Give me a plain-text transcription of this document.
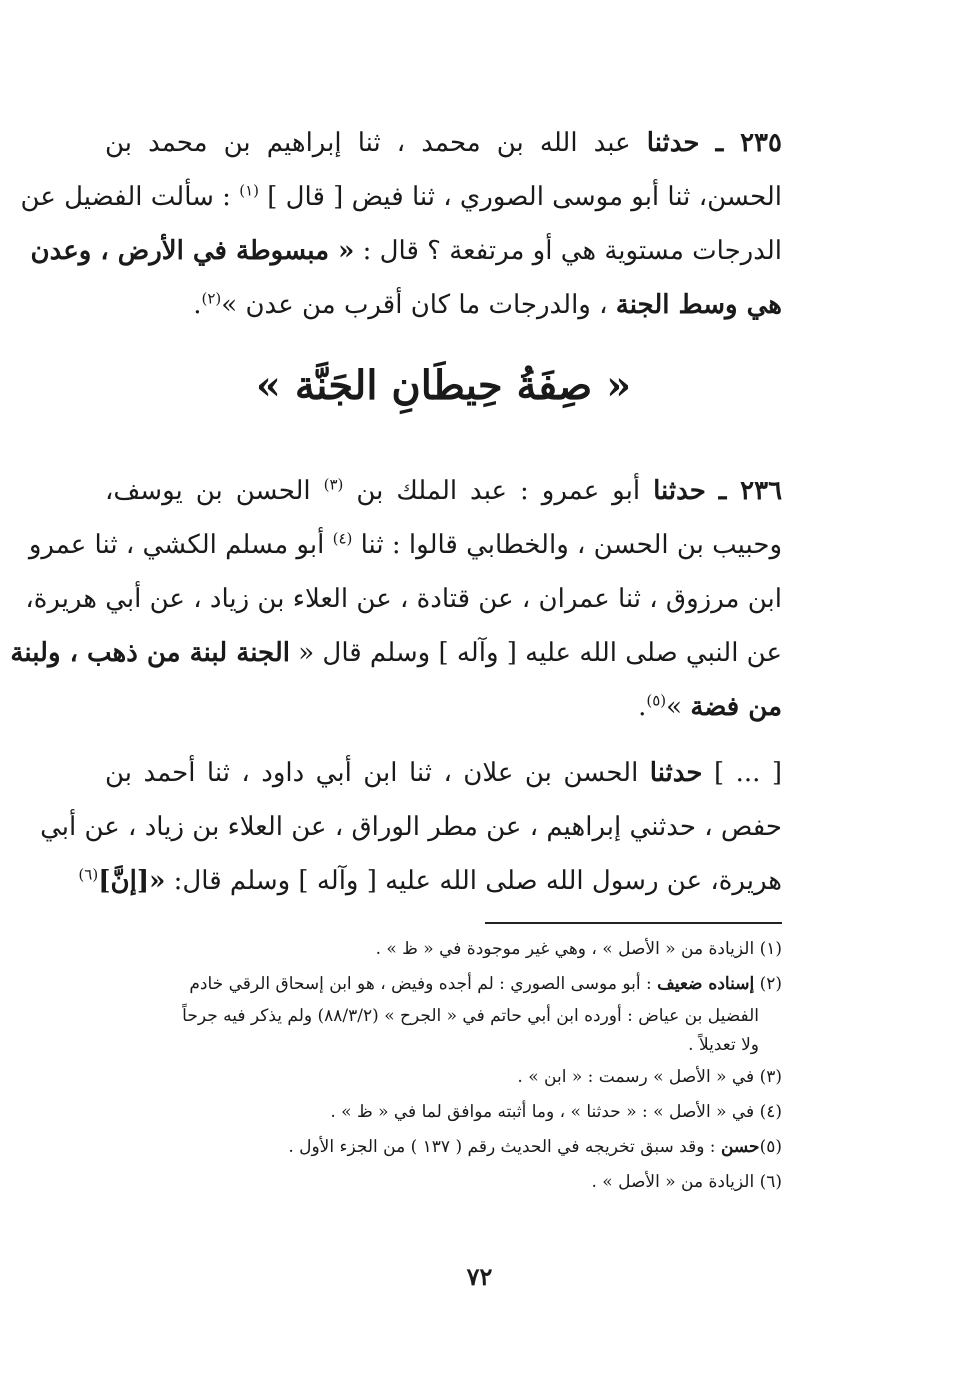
٢٣٥ ـ حدثنا عبد الله بن محمد ، ثنا إبراهيم بن محمد بن
الحسن، ثنا أبو موسى الصوري ، ثنا فيض [ قال ] $^{(١)}$ : سألت الفضيل عن
الدرجات مستوية هي أو مرتفعة ؟ قال : « مبسوطة في الأرض ، وعدن
هي وسط الجنة ، والدرجات ما كان أقرب من عدن »$^{(٢)}$.
« صِفَةُ حِيطَانِ الجَنَّة »
٢٣٦ ـ حدثنا أبو عمرو : عبد الملك بن $^{(٣)}$ الحسن بن يوسف،
وحبيب بن الحسن ، والخطابي قالوا : ثنا $^{(٤)}$ أبو مسلم الكشي ، ثنا عمرو
ابن مرزوق ، ثنا عمران ، عن قتادة ، عن العلاء بن زياد ، عن أبي هريرة،
عن النبي صلى الله عليه [ وآله ] وسلم قال « الجنة لبنة من ذهب ، ولبنة
من فضة »$^{(٥)}$.
[ ... ] حدثنا الحسن بن علان ، ثنا ابن أبي داود ، ثنا أحمد بن
حفص ، حدثني إبراهيم ، عن مطر الوراق ، عن العلاء بن زياد ، عن أبي
هريرة، عن رسول الله صلى الله عليه [ وآله ] وسلم قال: «[إنَّ]$^{(٦)}$
(١) الزيادة من « الأصل » ، وهي غير موجودة في « ظ » .
(٢) إسناده ضعيف : أبو موسى الصوري : لم أجده وفيض ، هو ابن إسحاق الرقي خادم
الفضيل بن عياض : أورده ابن أبي حاتم في « الجرح » (٨٨/٣/٢) ولم يذكر فيه جرحاً
ولا تعديلاً .
(٣) في « الأصل » رسمت : « ابن » .
(٤) في « الأصل » : « حدثنا » ، وما أثبته موافق لما في « ظ » .
(٥)حسن : وقد سبق تخريجه في الحديث رقم ( ١٣٧ ) من الجزء الأول .
(٦) الزيادة من « الأصل » .
٧٢
